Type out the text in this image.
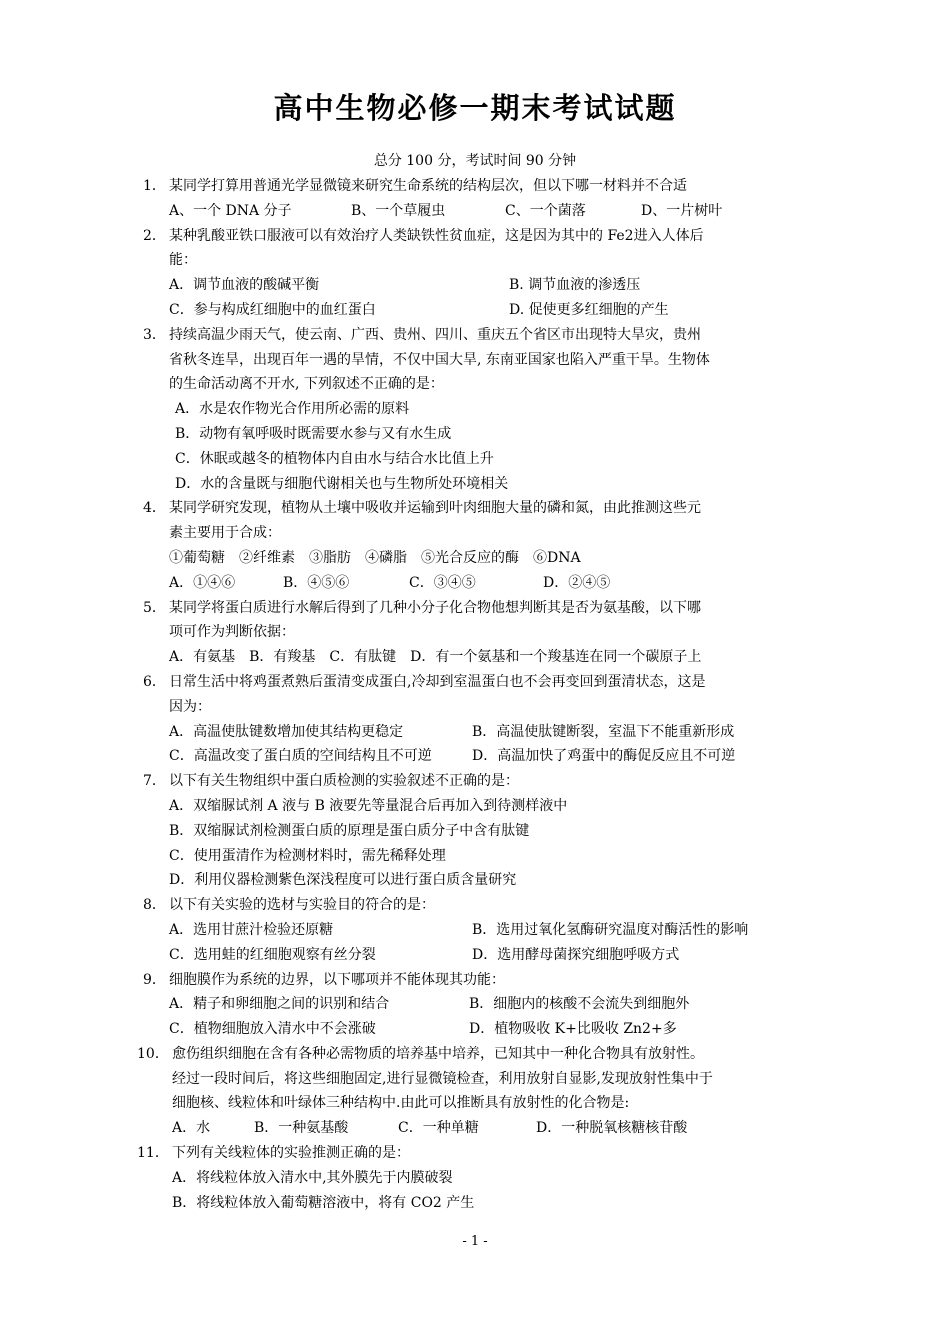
高中生物必修一期末考试试题
总分 100 分，考试时间 90 分钟
1． 某同学打算用普通光学显微镜来研究生命系统的结构层次，但以下哪一材料并不合适
A、一个 DNA 分子	B、一个草履虫	C、一个菌落	D、一片树叶
2． 某种乳酸亚铁口服液可以有效治疗人类缺铁性贫血症，这是因为其中的 Fe2进入人体后
能：
A．调节血液的酸碱平衡	B. 调节血液的渗透压
C．参与构成红细胞中的血红蛋白	D. 促使更多红细胞的产生
3． 持续高温少雨天气，使云南、广西、贵州、四川、重庆五个省区市出现特大旱灾，贵州
省秋冬连旱，出现百年一遇的旱情，不仅中国大旱, 东南亚国家也陷入严重干旱。生物体
的生命活动离不开水, 下列叙述不正确的是：
A．水是农作物光合作用所必需的原料
B．动物有氧呼吸时既需要水参与又有水生成
C．休眠或越冬的植物体内自由水与结合水比值上升
D．水的含量既与细胞代谢相关也与生物所处环境相关
4． 某同学研究发现，植物从土壤中吸收并运输到叶肉细胞大量的磷和氮，由此推测这些元
素主要用于合成：
①葡萄糖　②纤维素　③脂肪　④磷脂　⑤光合反应的酶　⑥DNA
A．①④⑥	B．④⑤⑥	C．③④⑤	D．②④⑤
5． 某同学将蛋白质进行水解后得到了几种小分子化合物他想判断其是否为氨基酸，以下哪
项可作为判断依据：
A．有氨基　B．有羧基　C．有肽键　D．有一个氨基和一个羧基连在同一个碳原子上
6． 日常生活中将鸡蛋煮熟后蛋清变成蛋白,冷却到室温蛋白也不会再变回到蛋清状态，这是
因为：
A．高温使肽键数增加使其结构更稳定	B．高温使肽键断裂，室温下不能重新形成
C．高温改变了蛋白质的空间结构且不可逆	D．高温加快了鸡蛋中的酶促反应且不可逆
7． 以下有关生物组织中蛋白质检测的实验叙述不正确的是：
A．双缩脲试剂 A 液与 B 液要先等量混合后再加入到待测样液中
B．双缩脲试剂检测蛋白质的原理是蛋白质分子中含有肽键
C．使用蛋清作为检测材料时，需先稀释处理
D．利用仪器检测紫色深浅程度可以进行蛋白质含量研究
8． 以下有关实验的选材与实验目的符合的是：
A．选用甘蔗汁检验还原糖	B．选用过氧化氢酶研究温度对酶活性的影响
C．选用蛙的红细胞观察有丝分裂	D．选用酵母菌探究细胞呼吸方式
9． 细胞膜作为系统的边界，以下哪项并不能体现其功能：
A．精子和卵细胞之间的识别和结合	B．细胞内的核酸不会流失到细胞外
C．植物细胞放入清水中不会涨破	D．植物吸收 K+比吸收 Zn2+多
10． 愈伤组织细胞在含有各种必需物质的培养基中培养，已知其中一种化合物具有放射性。
经过一段时间后，将这些细胞固定,进行显微镜检查，利用放射自显影,发现放射性集中于
细胞核、线粒体和叶绿体三种结构中.由此可以推断具有放射性的化合物是:
A．水	B．一种氨基酸	C．一种单糖	D．一种脱氧核糖核苷酸
11． 下列有关线粒体的实验推测正确的是：
A．将线粒体放入清水中,其外膜先于内膜破裂
B．将线粒体放入葡萄糖溶液中，将有 CO2 产生
- 1 -
